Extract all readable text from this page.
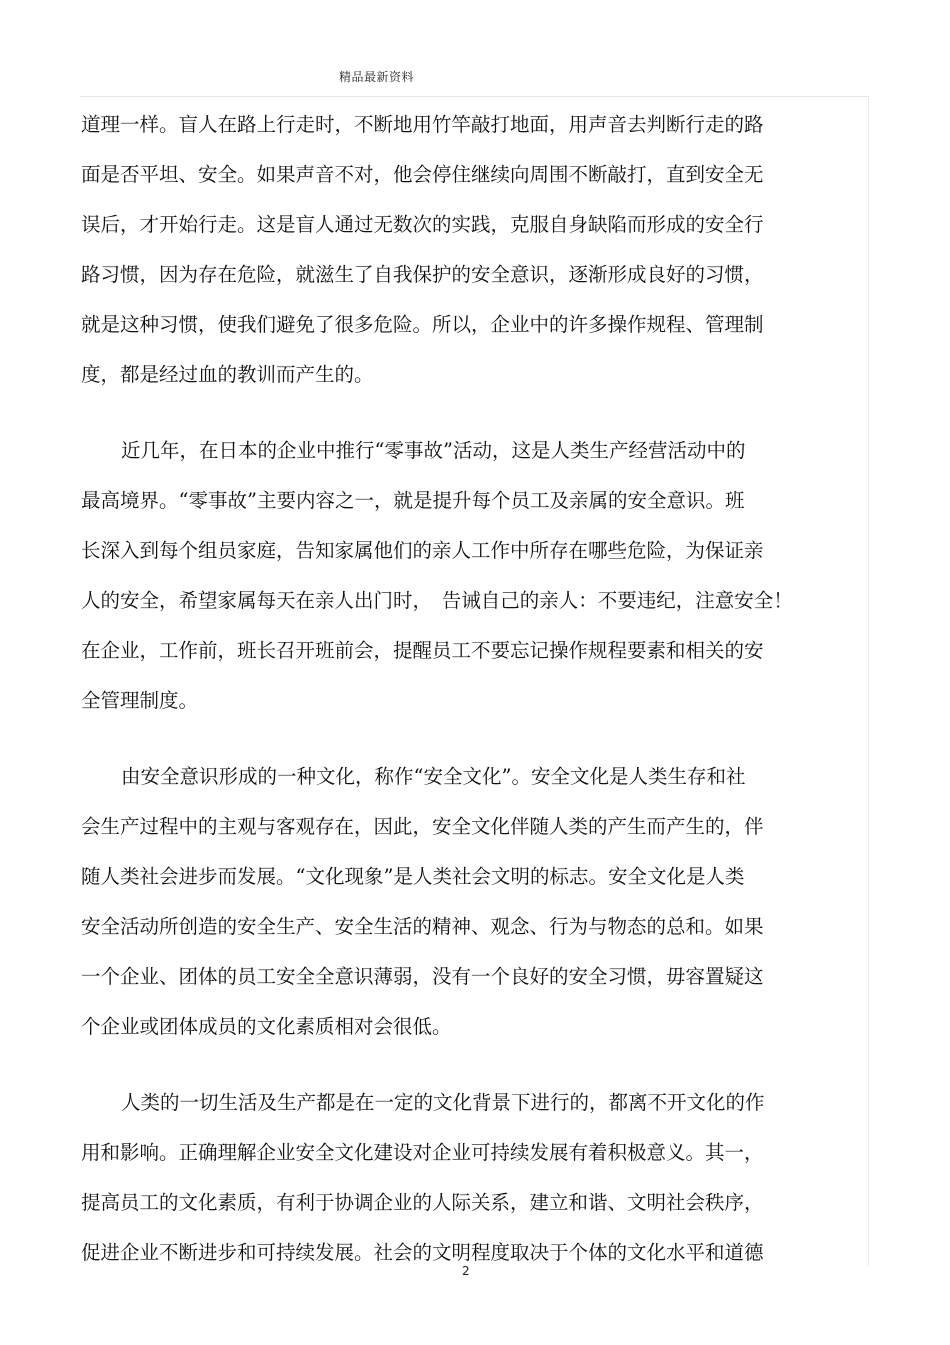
精品最新资料
道理一样。盲人在路上行走时，不断地用竹竿敲打地面，用声音去判断行走的路
面是否平坦、安全。如果声音不对，他会停住继续向周围不断敲打，直到安全无
误后，才开始行走。这是盲人通过无数次的实践，克服自身缺陷而形成的安全行
路习惯，因为存在危险，就滋生了自我保护的安全意识，逐渐形成良好的习惯，
就是这种习惯，使我们避免了很多危险。所以，企业中的许多操作规程、管理制
度，都是经过血的教训而产生的。
近几年，在日本的企业中推行“零事故”活动，这是人类生产经营活动中的
最高境界。“零事故”主要内容之一，就是提升每个员工及亲属的安全意识。班
长深入到每个组员家庭，告知家属他们的亲人工作中所存在哪些危险，为保证亲
人的安全，希望家属每天在亲人出门时，　告诫自己的亲人：不要违纪，注意安全！
在企业，工作前，班长召开班前会，提醒员工不要忘记操作规程要素和相关的安
全管理制度。
由安全意识形成的一种文化，称作“安全文化”。安全文化是人类生存和社
会生产过程中的主观与客观存在，因此，安全文化伴随人类的产生而产生的，伴
随人类社会进步而发展。“文化现象”是人类社会文明的标志。安全文化是人类
安全活动所创造的安全生产、安全生活的精神、观念、行为与物态的总和。如果
一个企业、团体的员工安全全意识薄弱，没有一个良好的安全习惯，毋容置疑这
个企业或团体成员的文化素质相对会很低。
人类的一切生活及生产都是在一定的文化背景下进行的，都离不开文化的作
用和影响。正确理解企业安全文化建设对企业可持续发展有着积极意义。其一，
提高员工的文化素质，有利于协调企业的人际关系，建立和谐、文明社会秩序，
促进企业不断进步和可持续发展。社会的文明程度取决于个体的文化水平和道德
2
